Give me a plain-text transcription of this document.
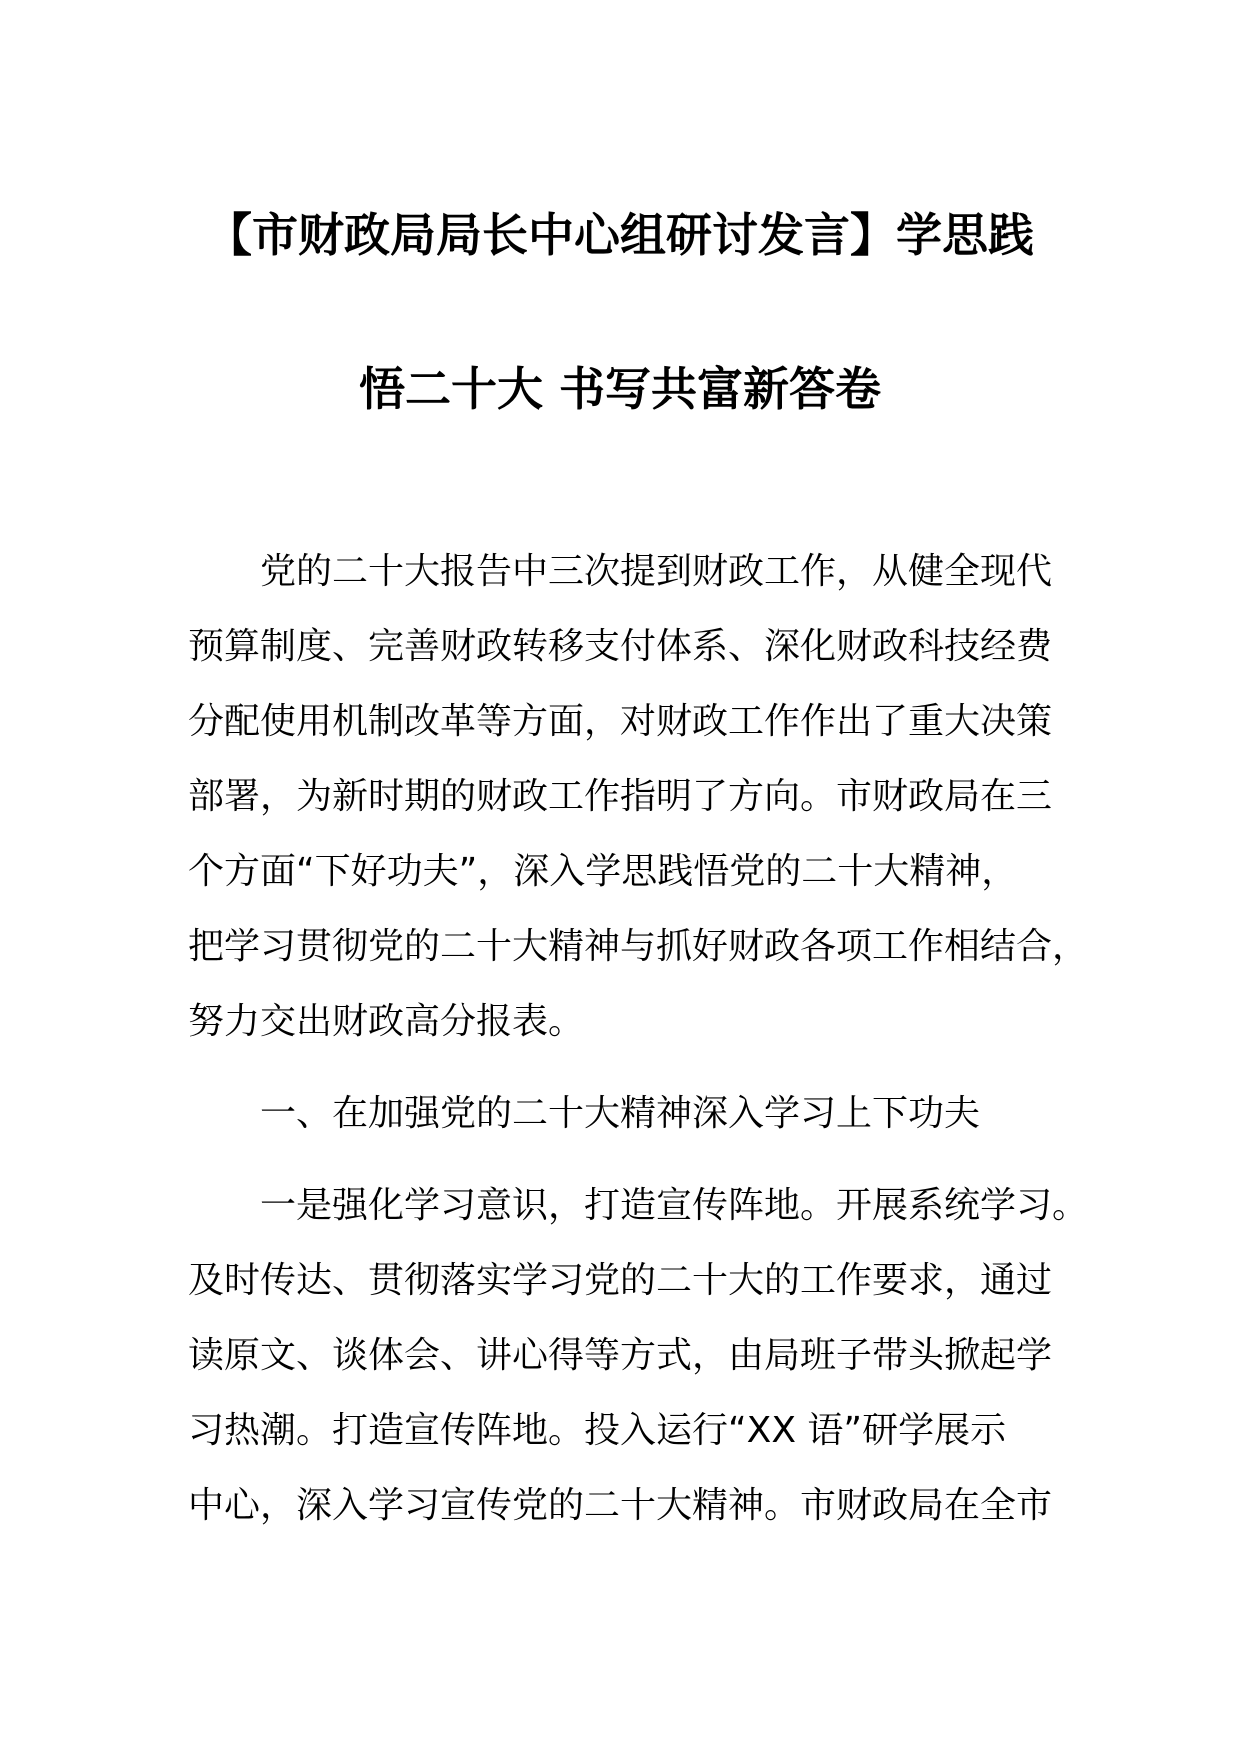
【市财政局局长中心组研讨发言】学思践
悟二十大 书写共富新答卷
党的二十大报告中三次提到财政工作，从健全现代
预算制度、完善财政转移支付体系、深化财政科技经费
分配使用机制改革等方面，对财政工作作出了重大决策
部署，为新时期的财政工作指明了方向。市财政局在三
个方面“下好功夫”，深入学思践悟党的二十大精神，
把学习贯彻党的二十大精神与抓好财政各项工作相结合，
努力交出财政高分报表。
一、在加强党的二十大精神深入学习上下功夫
一是强化学习意识，打造宣传阵地。开展系统学习。
及时传达、贯彻落实学习党的二十大的工作要求，通过
读原文、谈体会、讲心得等方式，由局班子带头掀起学
习热潮。打造宣传阵地。投入运行“XX 语”研学展示
中心，深入学习宣传党的二十大精神。市财政局在全市
